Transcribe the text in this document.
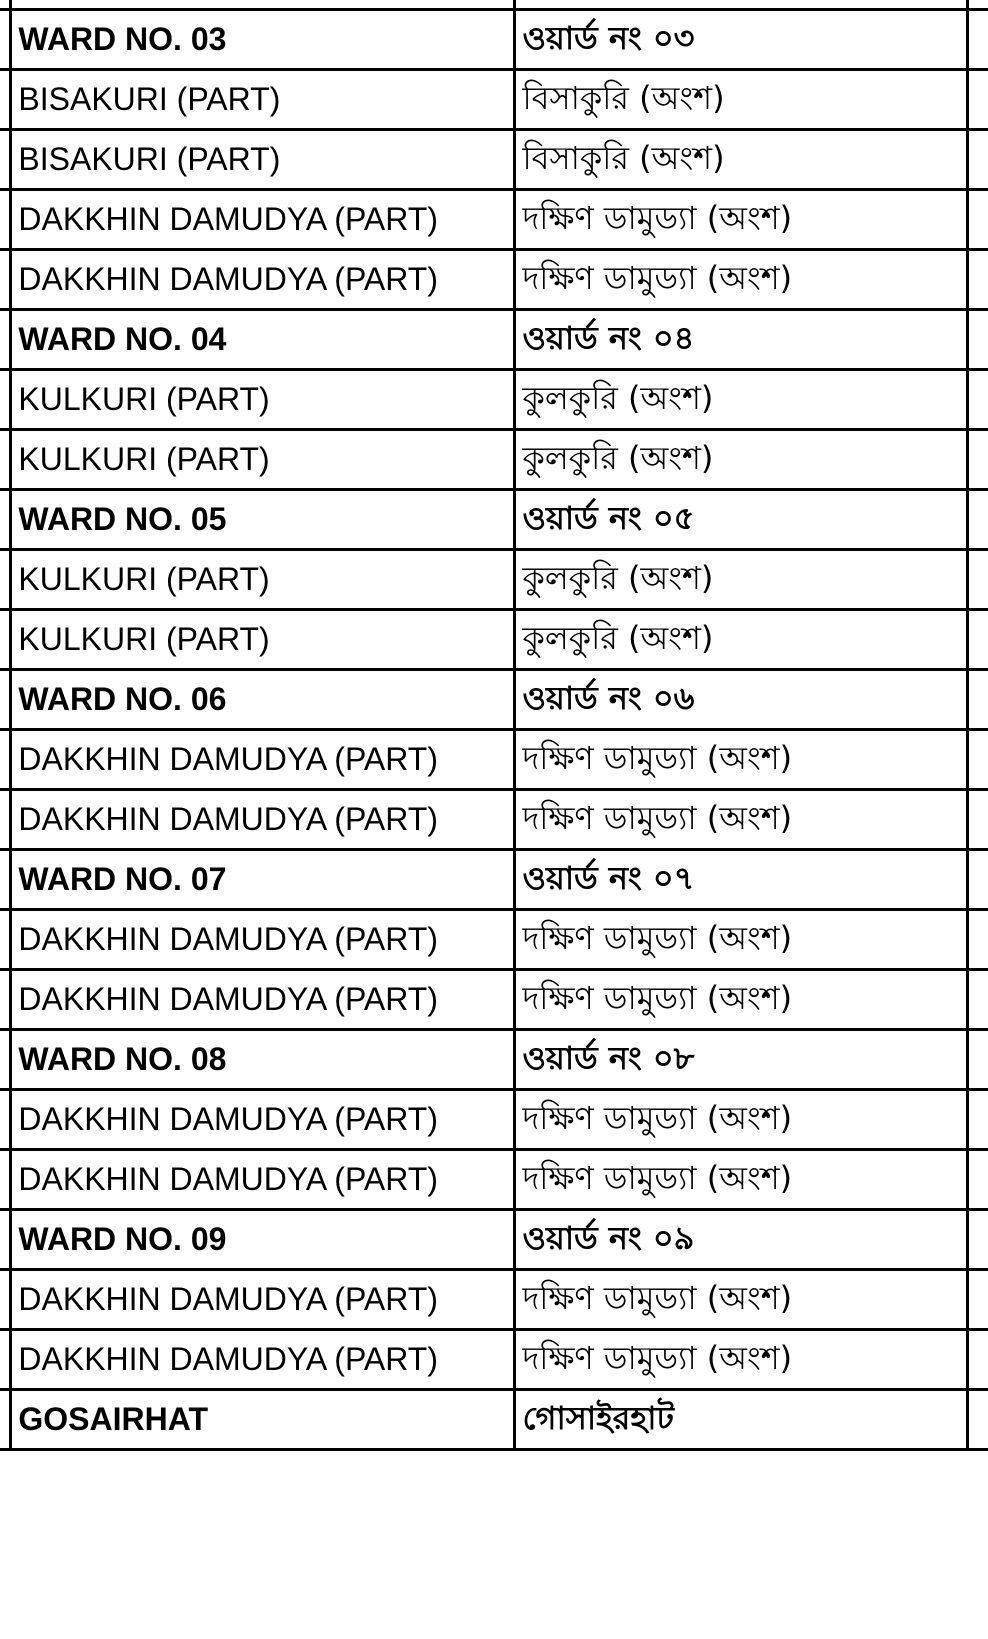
	WARD NO. 03	ওয়ার্ড নং ০৩	
	BISAKURI (PART)	বিসাকুরি (অংশ)	
	BISAKURI (PART)	বিসাকুরি (অংশ)	
	DAKKHIN DAMUDYA (PART)	দক্ষিণ ডামুড্যা (অংশ)	
	DAKKHIN DAMUDYA (PART)	দক্ষিণ ডামুড্যা (অংশ)	
	WARD NO. 04	ওয়ার্ড নং ০৪	
	KULKURI (PART)	কুলকুরি (অংশ)	
	KULKURI (PART)	কুলকুরি (অংশ)	
	WARD NO. 05	ওয়ার্ড নং ০৫	
	KULKURI (PART)	কুলকুরি (অংশ)	
	KULKURI (PART)	কুলকুরি (অংশ)	
	WARD NO. 06	ওয়ার্ড নং ০৬	
	DAKKHIN DAMUDYA (PART)	দক্ষিণ ডামুড্যা (অংশ)	
	DAKKHIN DAMUDYA (PART)	দক্ষিণ ডামুড্যা (অংশ)	
	WARD NO. 07	ওয়ার্ড নং ০৭	
	DAKKHIN DAMUDYA (PART)	দক্ষিণ ডামুড্যা (অংশ)	
	DAKKHIN DAMUDYA (PART)	দক্ষিণ ডামুড্যা (অংশ)	
	WARD NO. 08	ওয়ার্ড নং ০৮	
	DAKKHIN DAMUDYA (PART)	দক্ষিণ ডামুড্যা (অংশ)	
	DAKKHIN DAMUDYA (PART)	দক্ষিণ ডামুড্যা (অংশ)	
	WARD NO. 09	ওয়ার্ড নং ০৯	
	DAKKHIN DAMUDYA (PART)	দক্ষিণ ডামুড্যা (অংশ)	
	DAKKHIN DAMUDYA (PART)	দক্ষিণ ডামুড্যা (অংশ)	
	GOSAIRHAT	গোসাইরহাট	
